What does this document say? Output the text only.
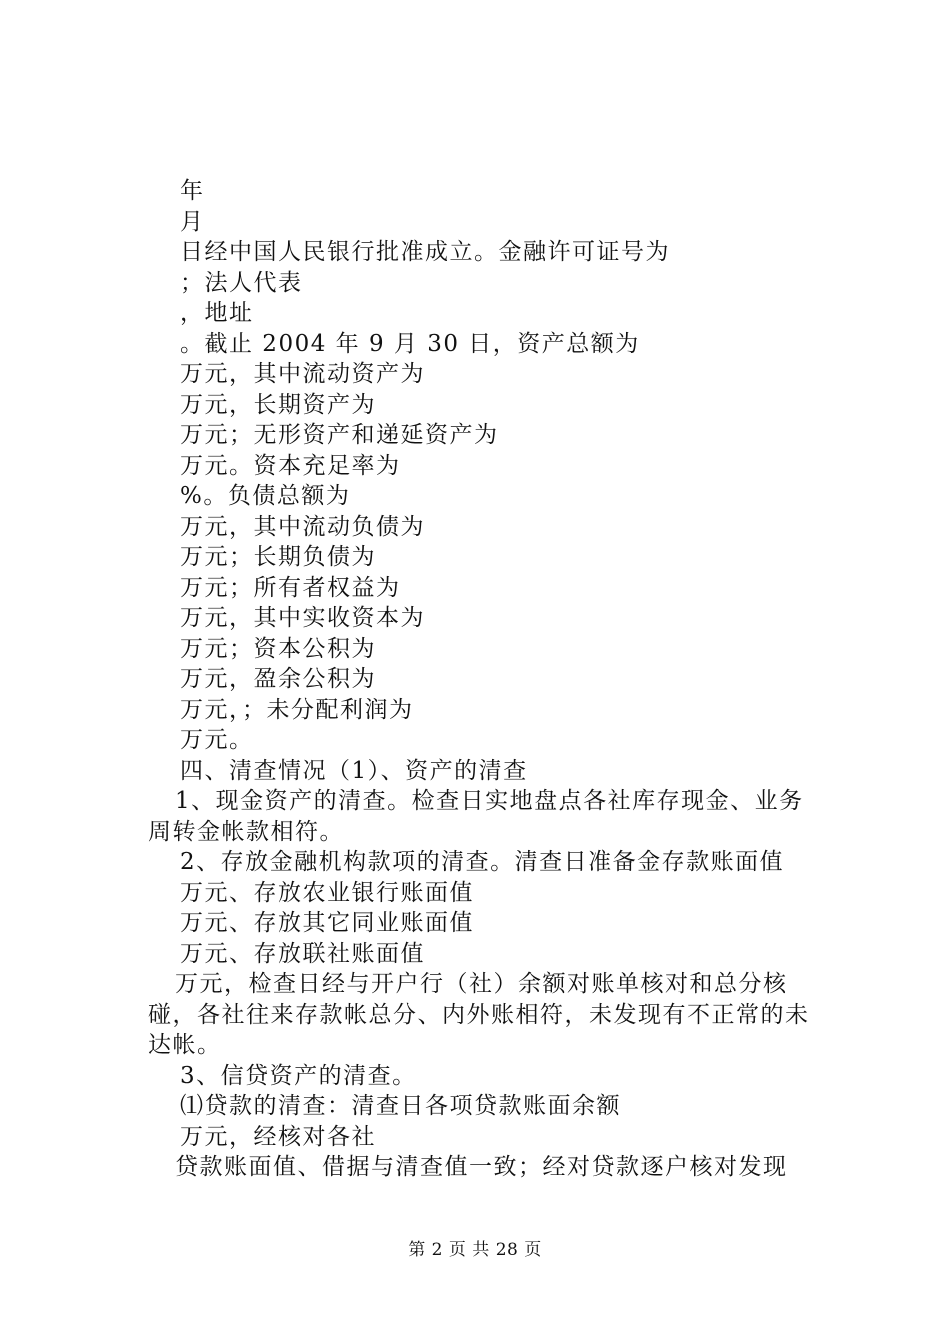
年
月
日经中国人民银行批准成立。金融许可证号为
；法人代表
，地址
。截止 2004 年 9 月 30 日，资产总额为
万元，其中流动资产为
万元，长期资产为
万元；无形资产和递延资产为
万元。资本充足率为
%。负债总额为
万元，其中流动负债为
万元；长期负债为
万元；所有者权益为
万元，其中实收资本为
万元；资本公积为
万元，盈余公积为
万元，；未分配利润为
万元。
四、清查情况（1）、资产的清查
1、现金资产的清查。检查日实地盘点各社库存现金、业务
周转金帐款相符。
2、存放金融机构款项的清查。清查日准备金存款账面值
万元、存放农业银行账面值
万元、存放其它同业账面值
万元、存放联社账面值
万元，检查日经与开户行（社）余额对账单核对和总分核
碰，各社往来存款帐总分、内外账相符，未发现有不正常的未
达帐。
3、信贷资产的清查。
⑴贷款的清查：清查日各项贷款账面余额
万元，经核对各社
贷款账面值、借据与清查值一致；经对贷款逐户核对发现
第 2 页 共 28 页
